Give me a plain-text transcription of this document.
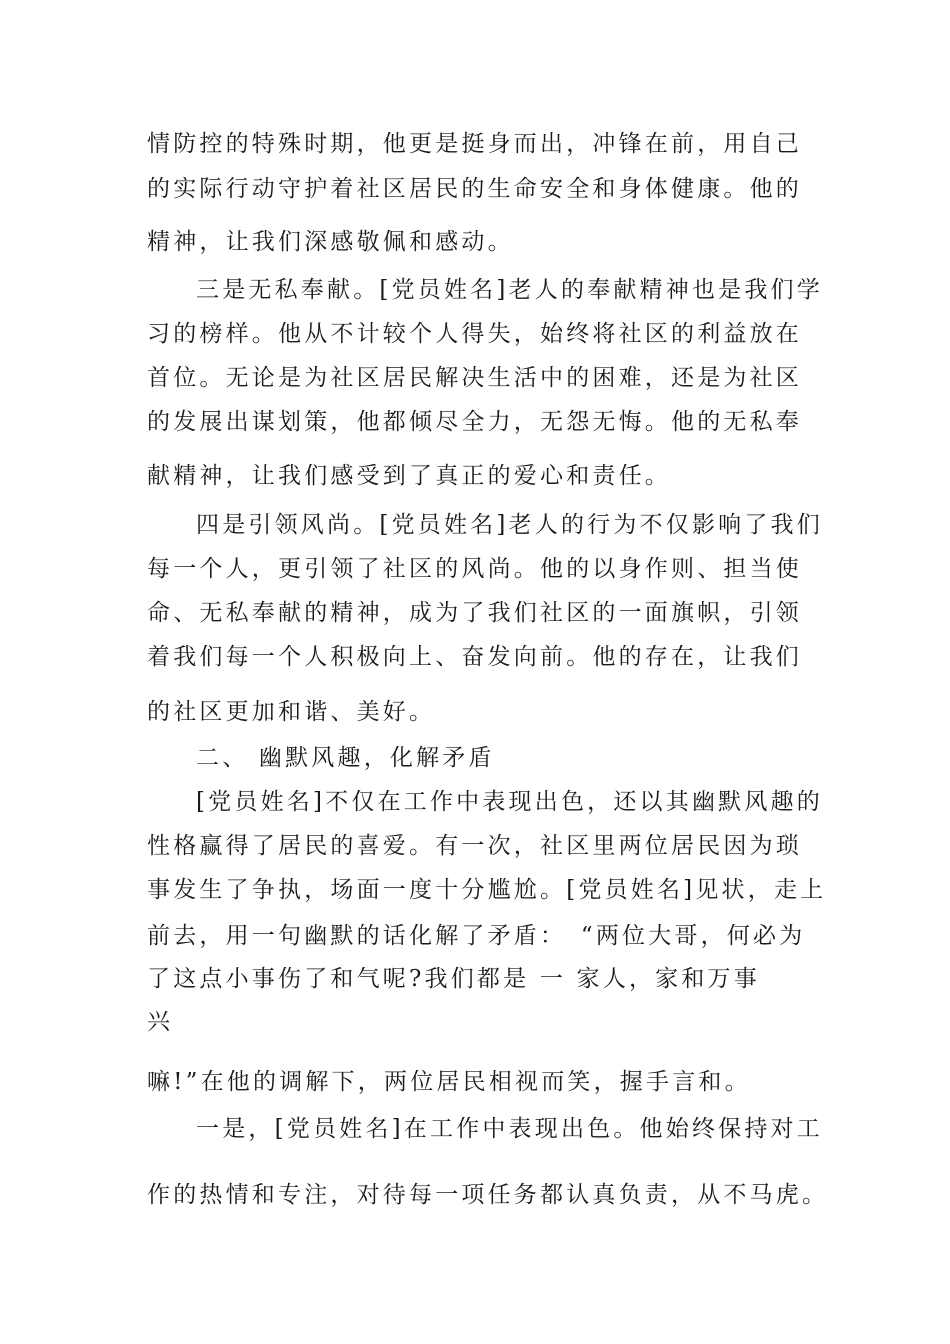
情防控的特殊时期，他更是挺身而出，冲锋在前，用自己
的实际行动守护着社区居民的生命安全和身体健康。他的
精神，让我们深感敬佩和感动。
三是无私奉献。[党员姓名]老人的奉献精神也是我们学
习的榜样。他从不计较个人得失，始终将社区的利益放在
首位。无论是为社区居民解决生活中的困难，还是为社区
的发展出谋划策，他都倾尽全力，无怨无悔。他的无私奉
献精神，让我们感受到了真正的爱心和责任。
四是引领风尚。[党员姓名]老人的行为不仅影响了我们
每一个人，更引领了社区的风尚。他的以身作则、担当使
命、无私奉献的精神，成为了我们社区的一面旗帜，引领
着我们每一个人积极向上、奋发向前。他的存在，让我们
的社区更加和谐、美好。
二、 幽默风趣，化解矛盾
[党员姓名]不仅在工作中表现出色，还以其幽默风趣的
性格赢得了居民的喜爱。有一次，社区里两位居民因为琐
事发生了争执，场面一度十分尴尬。[党员姓名]见状，走上
前去，用一句幽默的话化解了矛盾：　“两位大哥，何必为
了这点小事伤了和气呢?我们都是 一 家人，家和万事
兴
嘛!”在他的调解下，两位居民相视而笑，握手言和。
一是，[党员姓名]在工作中表现出色。他始终保持对工
作的热情和专注，对待每一项任务都认真负责，从不马虎。
